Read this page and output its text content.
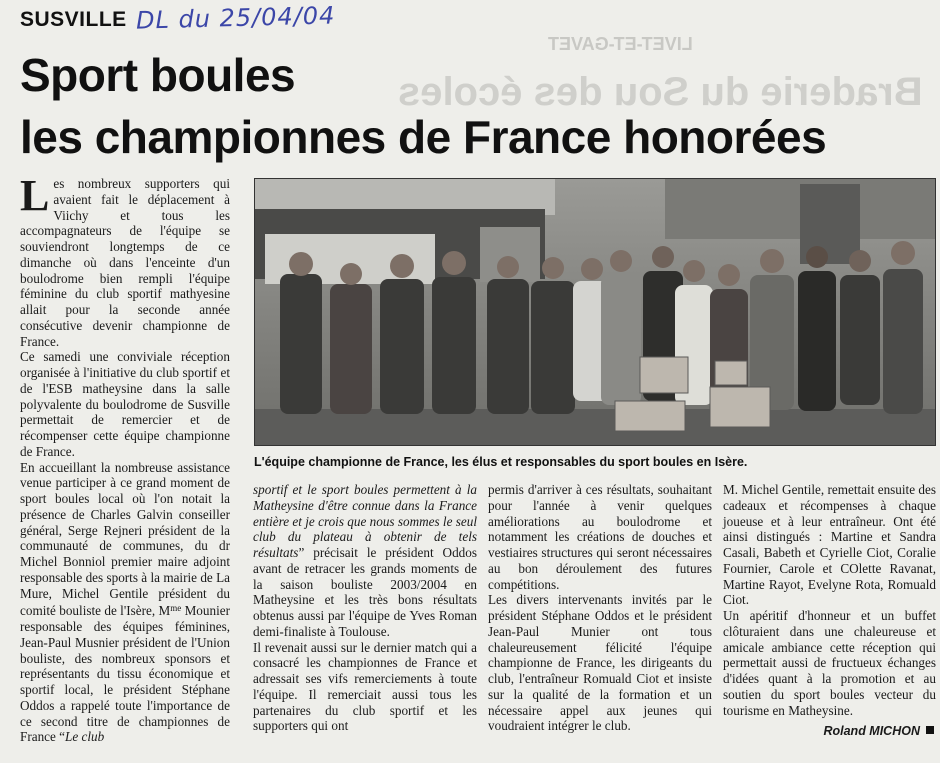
LIVET-ET-GAVET
Braderie du Sou des écoles
SUSVILLE DL du 25/04/04
Sport boules
les championnes de France honorées

Les nombreux supporters qui avaient fait le déplacement à Viichy et tous les accompagnateurs de l'équipe se souviendront longtemps de ce dimanche où dans l'enceinte d'un boulodrome bien rempli l'équipe féminine du club sportif mathyesine allait pour la seconde année consécutive devenir championne de France.

Ce samedi une conviviale réception organisée à l'initiative du club sportif et de l'ESB matheysine dans la salle polyvalente du boulodrome de Susville permettait de remercier et de récompenser cette équipe championne de France.

En accueillant la nombreuse assistance venue participer à ce grand moment de sport boules local où l'on notait la présence de Charles Galvin conseiller général, Serge Rejneri président de la communauté de communes, du dr Michel Bonniol premier maire adjoint responsable des sports à la mairie de La Mure, Michel Gentile président du comité bouliste de l'Isère, $M^{me}$ Mounier responsable des équipes féminines, Jean-Paul Musnier président de l'Union bouliste, des nombreux sponsors et représentants du tissu économique et sportif local, le président Stéphane Oddos a rappelé toute l'importance de ce second titre de championnes de France “Le club

L'équipe championne de France, les élus et responsables du sport boules en Isère.

sportif et le sport boules permettent à la Matheysine d'être connue dans la France entière et je crois que nous sommes le seul club du plateau à obtenir de tels résultats” précisait le président Oddos avant de retracer les grands moments de la saison bouliste 2003/2004 en Matheysine et les très bons résultats obtenus aussi par l'équipe de Yves Roman demi-finaliste à Toulouse.

Il revenait aussi sur le dernier match qui a consacré les championnes de France et adressait ses vifs remerciements à toute l'équipe. Il remerciait aussi tous les partenaires du club sportif et les supporters qui ont

permis d'arriver à ces résultats, souhaitant pour l'année à venir quelques améliorations au boulodrome et notamment les créations de douches et vestiaires structures qui seront nécessaires au bon déroulement des futures compétitions.

Les divers intervenants invités par le président Stéphane Oddos et le président Jean-Paul Munier ont tous chaleureusement félicité l'équipe championne de France, les dirigeants du club, l'entraîneur Romuald Ciot et insiste sur la qualité de la formation et un nécessaire appel aux jeunes qui voudraient intégrer le club.

M. Michel Gentile, remettait ensuite des cadeaux et récompenses à chaque joueuse et à leur entraîneur. Ont été ainsi distingués : Martine et Sandra Casali, Babeth et Cyrielle Ciot, Coralie Fournier, Carole et COlette Ravanat, Martine Rayot, Evelyne Rota, Romuald Ciot.

Un apéritif d'honneur et un buffet clôturaient dans une chaleureuse et amicale ambiance cette réception qui permettait aussi de fructueux échanges d'idées quant à la promotion et au soutien du sport boules vecteur du tourisme en Matheysine.

Roland MICHON
